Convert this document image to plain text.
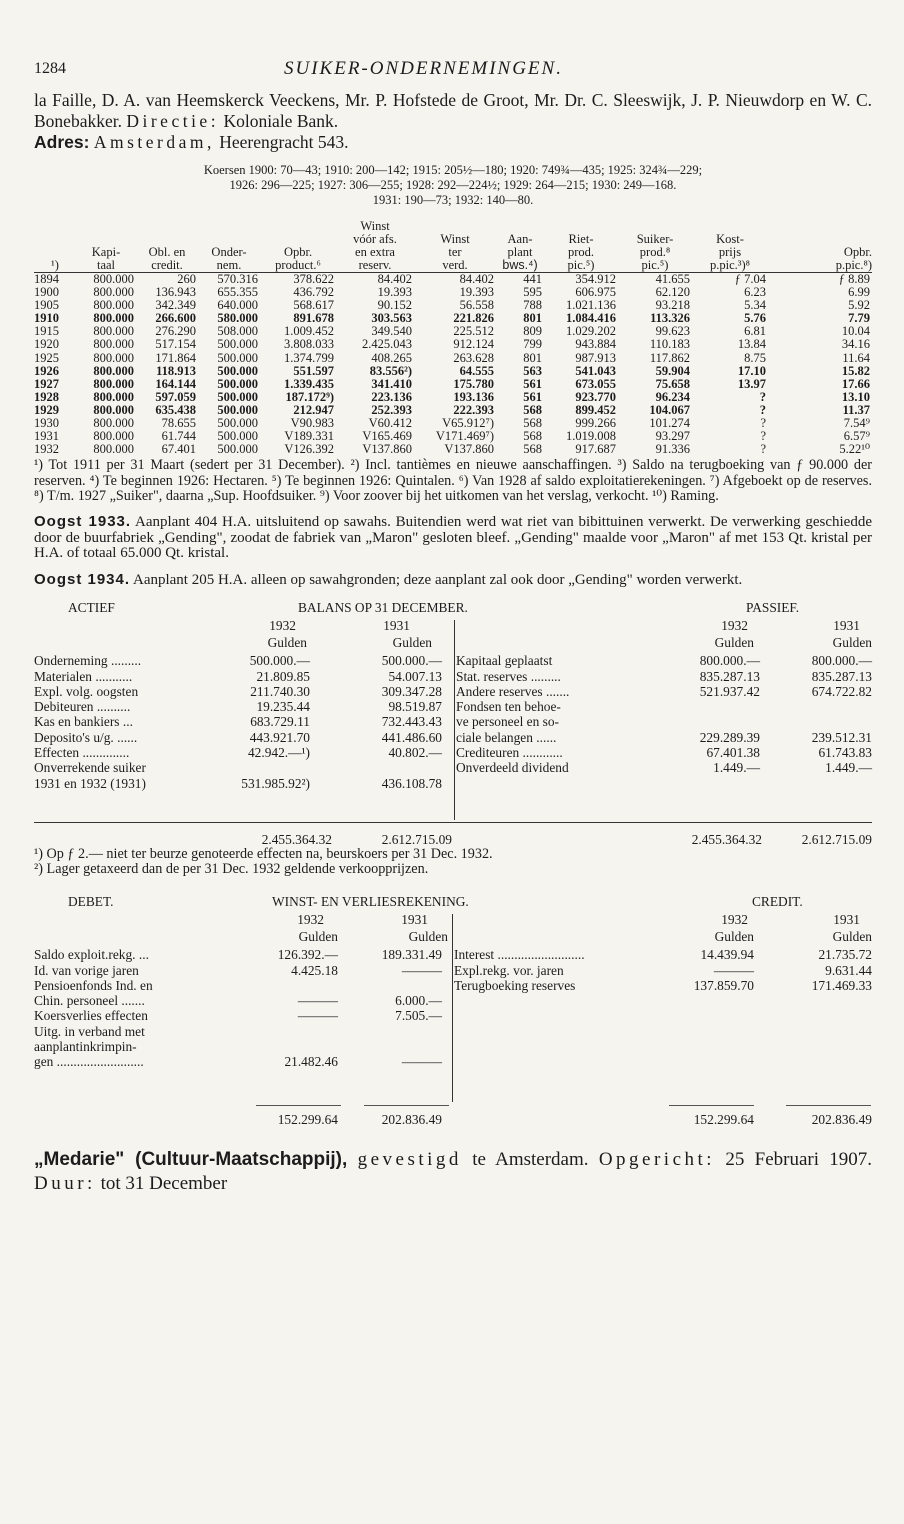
1284	SUIKER-ONDERNEMINGEN.

la Faille, D. A. van Heemskerck Veeckens, Mr. P. Hofstede de Groot, Mr. Dr. C. Sleeswijk, J. P. Nieuwdorp en W. C. Bonebakker. Directie: Koloniale Bank.
Adres: Amsterdam, Heerengracht 543.

Koersen 1900: 70—43; 1910: 200—142; 1915: 205½—180; 1920: 749¾—435; 1925: 324¾—229;
1926: 296—225; 1927: 306—255; 1928: 292—224½; 1929: 264—215; 1930: 249—168.
1931: 190—73; 1932: 140—80.
					Winst						
					vóór afs.	Winst	Aan-	Riet-	Suiker-	Kost-	
	Kapi-	Obl. en	Onder-	Opbr.	en extra	ter	plant	prod.	prod.⁸	prijs	Opbr.
¹)	taal	credit.	nem.	product.⁶	reserv.	verd.	bws.⁴)	pic.⁵)	pic.⁵)	p.pic.³)⁸	p.pic.⁸)
1894	800.000	260	570.316	378.622	84.402	84.402	441	354.912	41.655	ƒ 7.04	ƒ 8.89
1900	800.000	136.943	655.355	436.792	19.393	19.393	595	606.975	62.120	6.23	6.99
1905	800.000	342.349	640.000	568.617	90.152	56.558	788	1.021.136	93.218	5.34	5.92
1910	800.000	266.600	580.000	891.678	303.563	221.826	801	1.084.416	113.326	5.76	7.79
1915	800.000	276.290	508.000	1.009.452	349.540	225.512	809	1.029.202	99.623	6.81	10.04
1920	800.000	517.154	500.000	3.808.033	2.425.043	912.124	799	943.884	110.183	13.84	34.16
1925	800.000	171.864	500.000	1.374.799	408.265	263.628	801	987.913	117.862	8.75	11.64
1926	800.000	118.913	500.000	551.597	83.556²)	64.555	563	541.043	59.904	17.10	15.82
1927	800.000	164.144	500.000	1.339.435	341.410	175.780	561	673.055	75.658	13.97	17.66
1928	800.000	597.059	500.000	187.172⁹)	223.136	193.136	561	923.770	96.234	?	13.10
1929	800.000	635.438	500.000	212.947	252.393	222.393	568	899.452	104.067	?	11.37
1930	800.000	78.655	500.000	V90.983	V60.412	V65.912⁷)	568	999.266	101.274	?	7.54⁹
1931	800.000	61.744	500.000	V189.331	V165.469	V171.469⁷)	568	1.019.008	93.297	?	6.57⁹
1932	800.000	67.401	500.000	V126.392	V137.860	V137.860	568	917.687	91.336	?	5.22¹⁰

¹) Tot 1911 per 31 Maart (sedert per 31 December). ²) Incl. tantièmes en nieuwe aanschaffingen. ³) Saldo na terugboeking van ƒ 90.000 der reserven. ⁴) Te beginnen 1926: Hectaren. ⁵) Te beginnen 1926: Quintalen. ⁶) Van 1928 af saldo exploitatierekeningen. ⁷) Afgeboekt op de reserves. ⁸) T/m. 1927 „Suiker", daarna „Sup. Hoofdsuiker. ⁹) Voor zoover bij het uitkomen van het verslag, verkocht. ¹⁰) Raming.

Oogst 1933. Aanplant 404 H.A. uitsluitend op sawahs. Buitendien werd wat riet van bibittuinen verwerkt. De verwerking geschiedde door de buurfabriek „Gending", zoodat de fabriek van „Maron" gesloten bleef. „Gending" maalde voor „Maron" af met 153 Qt. kristal per H.A. of totaal 65.000 Qt. kristal.

Oogst 1934. Aanplant 205 H.A. alleen op sawahgronden; deze aanplant zal ook door „Gending" worden verwerkt.

ACTIEF	BALANS OP 31 DECEMBER.	PASSIEF.
1932	1931
Gulden	Gulden
1932	1931
Gulden	Gulden
Onderneming .........	500.000.—	500.000.—
Materialen ...........	21.809.85	54.007.13
Expl. volg. oogsten	211.740.30	309.347.28
Debiteuren ..........	19.235.44	98.519.87
Kas en bankiers ...	683.729.11	732.443.43
Deposito's u/g. ......	443.921.70	441.486.60
Effecten ..............	42.942.—¹)	40.802.—
Onverrekende suiker
1931 en 1932 (1931)	531.985.92²)	436.108.78
Kapitaal geplaatst	800.000.—	800.000.—
Stat. reserves .........	835.287.13	835.287.13
Andere reserves .......	521.937.42	674.722.82
Fondsen ten behoe-
ve personeel en so-
ciale belangen ......	229.289.39	239.512.31
Crediteuren ............	67.401.38	61.743.83
Onverdeeld dividend	1.449.—	1.449.—
2.455.364.32	2.612.715.09	2.455.364.32	2.612.715.09
¹) Op ƒ 2.— niet ter beurze genoteerde effecten na, beurskoers per 31 Dec. 1932.
²) Lager getaxeerd dan de per 31 Dec. 1932 geldende verkoopprijzen.
DEBET.	WINST- EN VERLIESREKENING.	CREDIT.
1932	1931
Gulden	Gulden
1932	1931
Gulden	Gulden
Saldo exploit.rekg. ...	126.392.—	189.331.49
Id. van vorige jaren	4.425.18	———
Pensioenfonds Ind. en
Chin. personeel .......	———	6.000.—
Koersverlies effecten	———	7.505.—
Uitg. in verband met
aanplantinkrimpin-
gen ..........................	21.482.46	———
Interest ..........................	14.439.94	21.735.72
Expl.rekg. vor. jaren	———	9.631.44
Terugboeking reserves	137.859.70	171.469.33
152.299.64	202.836.49	152.299.64	202.836.49

„Medarie" (Cultuur-Maatschappij), gevestigd te Amsterdam. Opgericht: 25 Februari 1907. Duur: tot 31 December
